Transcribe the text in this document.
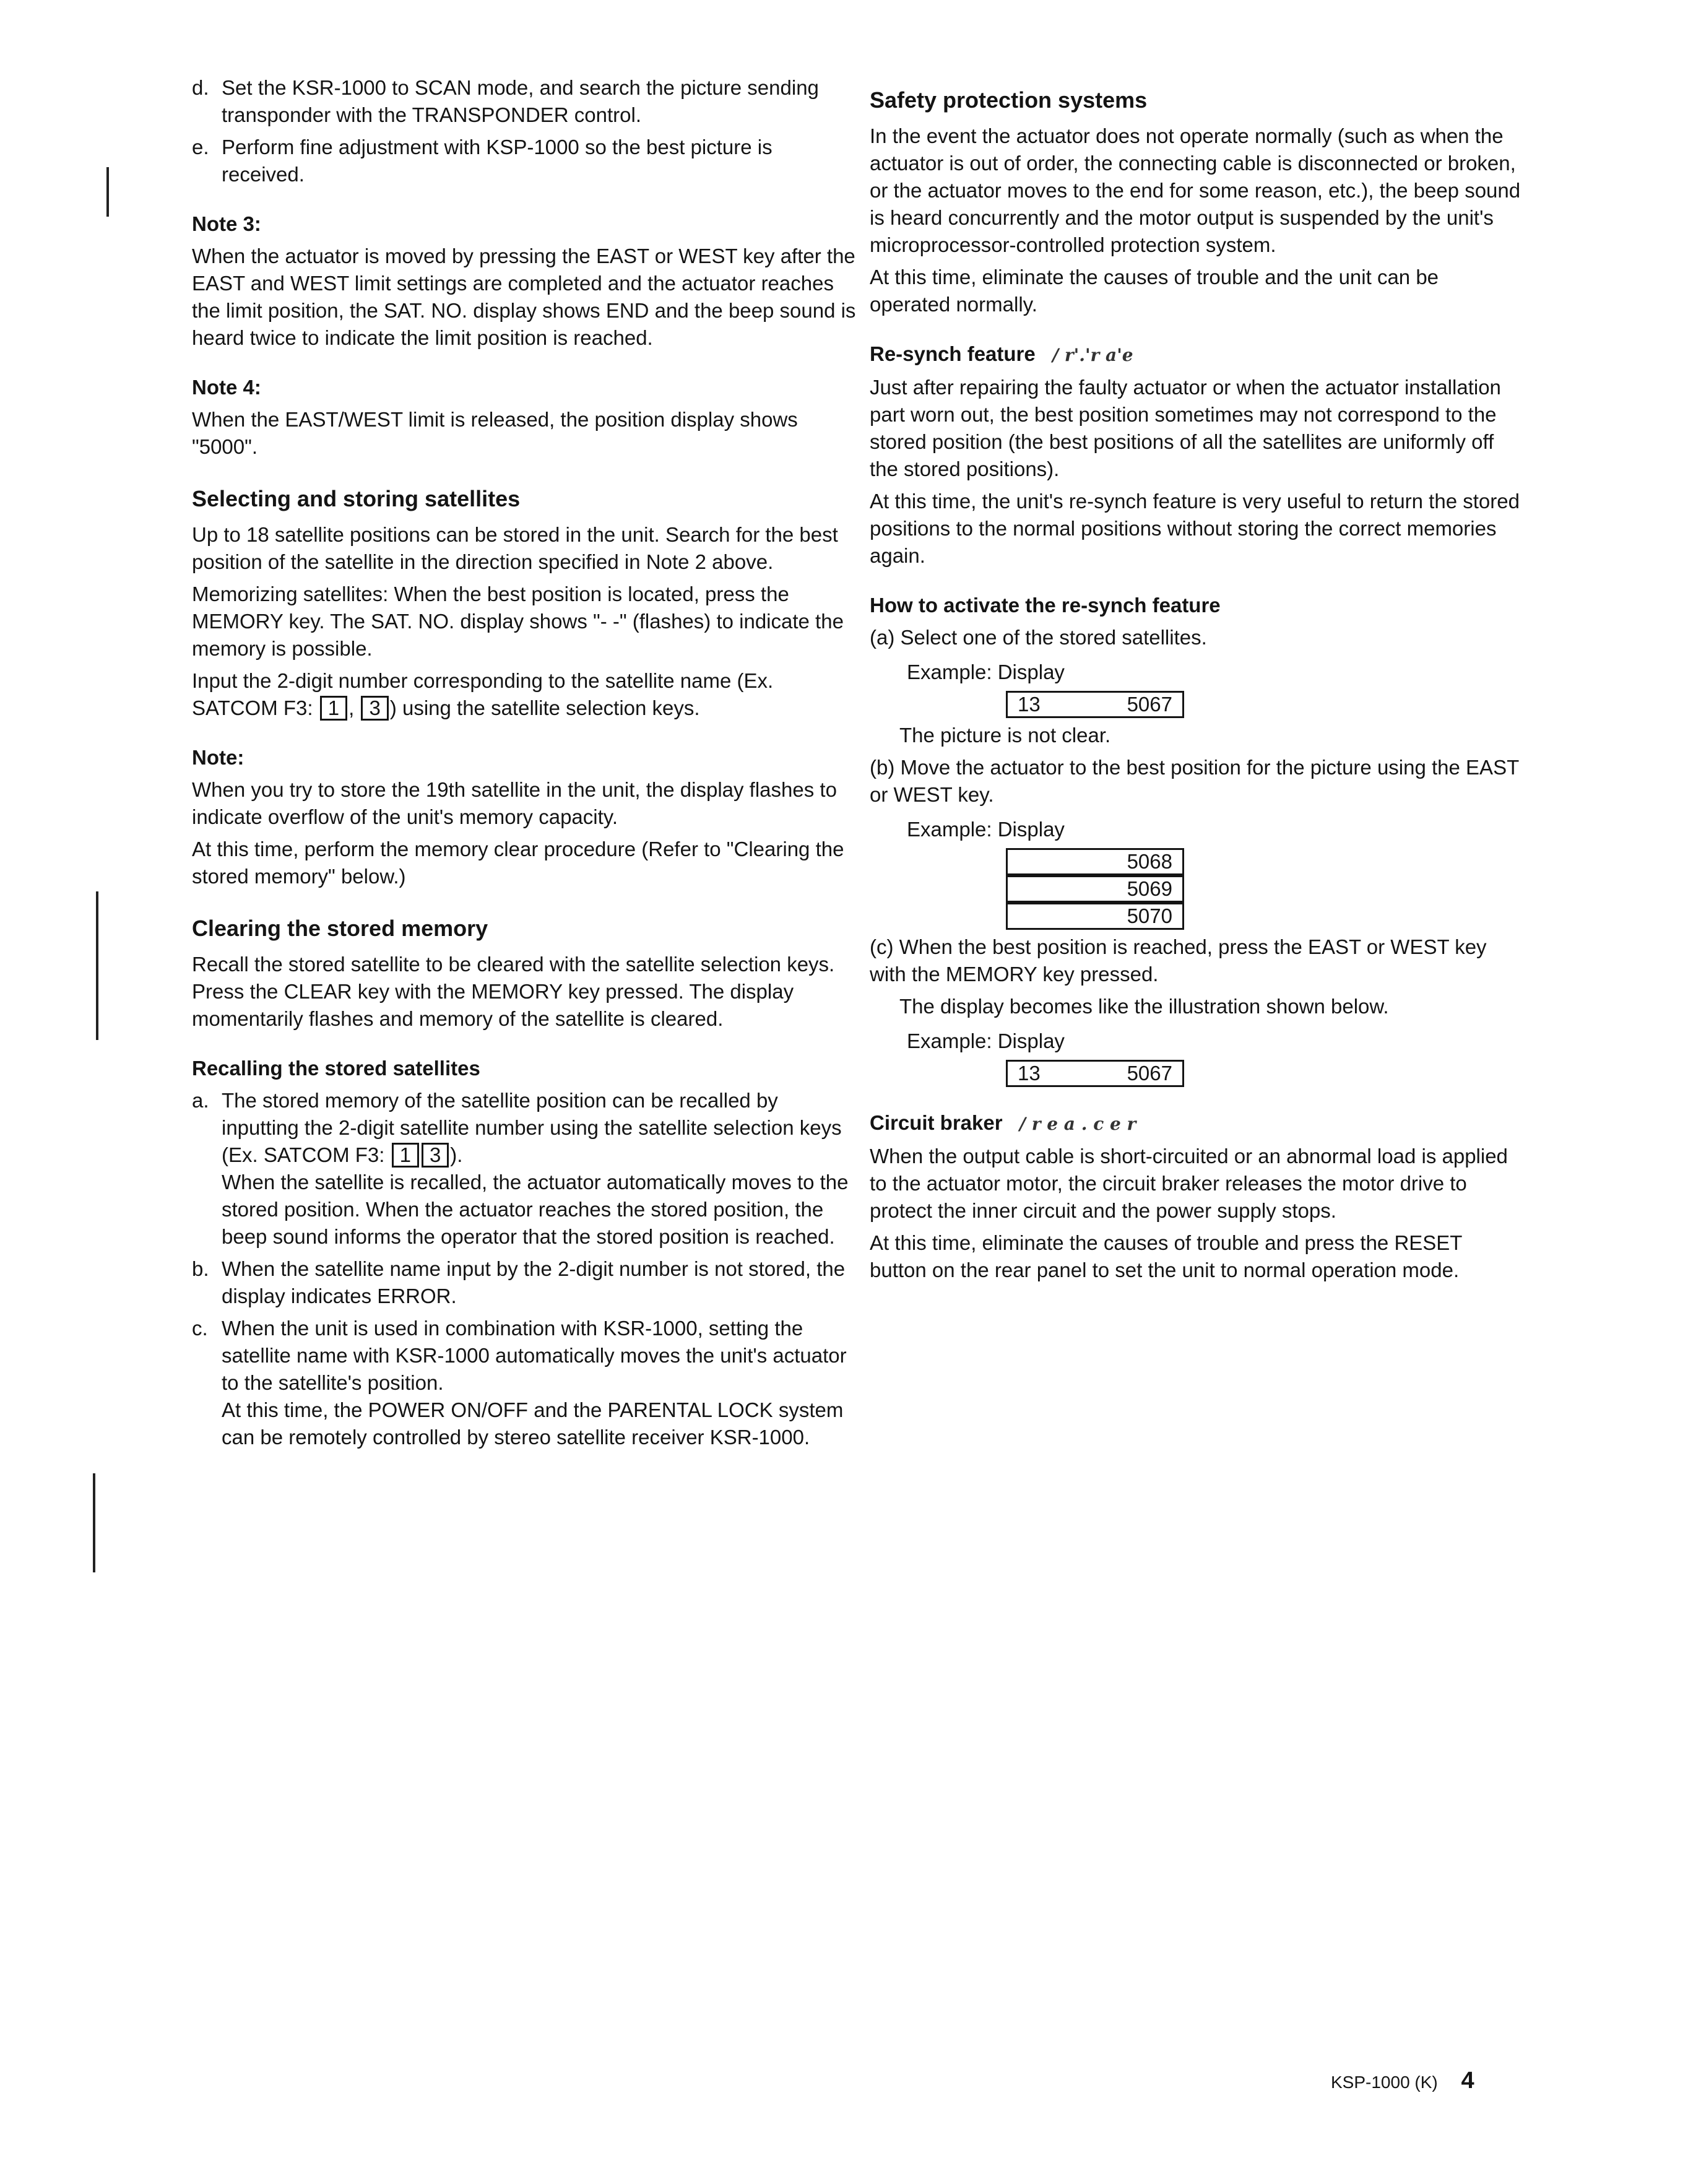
d. Set the KSR-1000 to SCAN mode, and search the picture sending transponder with the TRANSPONDER control.

e. Perform fine adjustment with KSP-1000 so the best picture is received.

Note 3:

When the actuator is moved by pressing the EAST or WEST key after the EAST and WEST limit settings are completed and the actuator reaches the limit position, the SAT. NO. display shows END and the beep sound is heard twice to indicate the limit position is reached.

Note 4:

When the EAST/WEST limit is released, the position display shows "5000".

Selecting and storing satellites

Up to 18 satellite positions can be stored in the unit. Search for the best position of the satellite in the direction specified in Note 2 above.

Memorizing satellites: When the best position is located, press the MEMORY key. The SAT. NO. display shows "- -" (flashes) to indicate the memory is possible.

Input the 2-digit number corresponding to the satellite name (Ex. SATCOM F3: 1 , 3 ) using the satellite selection keys.

Note:

When you try to store the 19th satellite in the unit, the display flashes to indicate overflow of the unit's memory capacity.

At this time, perform the memory clear procedure (Refer to "Clearing the stored memory" below.)

Clearing the stored memory

Recall the stored satellite to be cleared with the satellite selection keys. Press the CLEAR key with the MEMORY key pressed. The display momentarily flashes and memory of the satellite is cleared.

Recalling the stored satellites
a. The stored memory of the satellite position can be recalled by inputting the 2-digit satellite number using the satellite selection keys (Ex. SATCOM F3: 1 3 ).

When the satellite is recalled, the actuator automatically moves to the stored position. When the actuator reaches the stored position, the beep sound informs the operator that the stored position is reached.

b. When the satellite name input by the 2-digit number is not stored, the display indicates ERROR.

c. When the unit is used in combination with KSR-1000, setting the satellite name with KSR-1000 automatically moves the unit's actuator to the satellite's position.

At this time, the POWER ON/OFF and the PARENTAL LOCK system can be remotely controlled by stereo satellite receiver KSR-1000.

Safety protection systems

In the event the actuator does not operate normally (such as when the actuator is out of order, the connecting cable is disconnected or broken, or the actuator moves to the end for some reason, etc.), the beep sound is heard concurrently and the motor output is suspended by the unit's microprocessor-controlled protection system.

At this time, eliminate the causes of trouble and the unit can be operated normally.

Re-synch feature / r'.'r a'e

Just after repairing the faulty actuator or when the actuator installation part worn out, the best position sometimes may not correspond to the stored position (the best positions of all the satellites are uniformly off the stored positions).

At this time, the unit's re-synch feature is very useful to return the stored positions to the normal positions without storing the correct memories again.

How to activate the re-synch feature

(a) Select one of the stored satellites.

Example: Display
13	5067

The picture is not clear.

(b) Move the actuator to the best position for the picture using the EAST or WEST key.

Example: Display
5068
5069
5070

(c) When the best position is reached, press the EAST or WEST key with the MEMORY key pressed.

The display becomes like the illustration shown below.

Example: Display
13	5067
Circuit braker / r e a . c e r

When the output cable is short-circuited or an abnormal load is applied to the actuator motor, the circuit braker releases the motor drive to protect the inner circuit and the power supply stops.

At this time, eliminate the causes of trouble and press the RESET button on the rear panel to set the unit to normal operation mode.

KSP-1000 (K) 4
